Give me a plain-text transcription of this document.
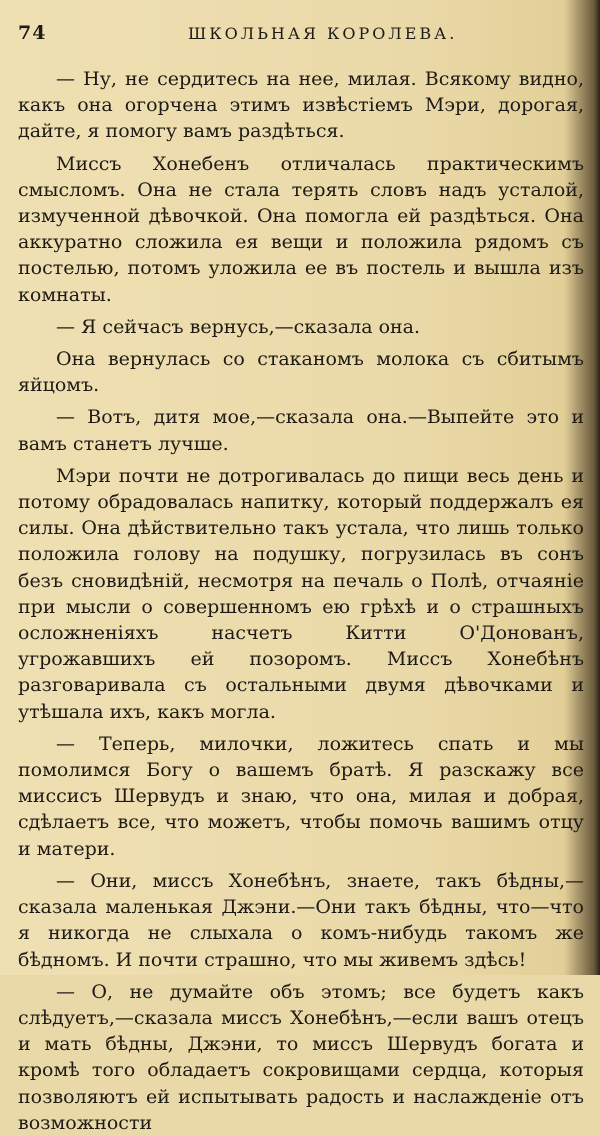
74	ШКОЛЬНАЯ КОРОЛЕВА.

— Ну, не сердитесь на нее, милая. Всякому видно, какъ она огорчена этимъ извѣстіемъ Мэри, дорогая, дайте, я помогу вамъ раздѣться.

Миссъ Хонебенъ отличалась практическимъ смысломъ. Она не стала терять словъ надъ усталой, измученной дѣвочкой. Она помогла ей раздѣться. Она аккуратно сложила ея вещи и положила рядомъ съ постелью, потомъ уложила ее въ постель и вышла изъ комнаты.

— Я сейчасъ вернусь,—сказала она.

Она вернулась со стаканомъ молока съ сбитымъ яйцомъ.

— Вотъ, дитя мое,—сказала она.—Выпейте это и вамъ станетъ лучше.

Мэри почти не дотрогивалась до пищи весь день и потому обрадовалась напитку, который поддержалъ ея силы. Она дѣйствительно такъ устала, что лишь только положила голову на подушку, погрузилась въ сонъ безъ сновидѣній, несмотря на печаль о Полѣ, отчаяніе при мысли о совершенномъ ею грѣхѣ и о страшныхъ осложненіяхъ насчетъ Китти О'Донованъ, угрожавшихъ ей позоромъ. Миссъ Хонебѣнъ разговаривала съ остальными двумя дѣвочками и утѣшала ихъ, какъ могла.

— Теперь, милочки, ложитесь спать и мы помолимся Богу о вашемъ братѣ. Я разскажу все миссисъ Шервудъ и знаю, что она, милая и добрая, сдѣлаетъ все, что можетъ, чтобы помочь вашимъ отцу и матери.

— Они, миссъ Хонебѣнъ, знаете, такъ бѣдны,—сказала маленькая Джэни.—Они такъ бѣдны, что—что я никогда не слыхала о комъ-нибудь такомъ же бѣдномъ. И почти страшно, что мы живемъ здѣсь!

— О, не думайте объ этомъ; все будетъ какъ слѣдуетъ,—сказала миссъ Хонебѣнъ,—если вашъ отецъ и мать бѣдны, Джэни, то миссъ Шервудъ богата и кромѣ того обладаетъ сокровищами сердца, которыя позволяютъ ей испытывать радость и наслажденіе отъ возможности
